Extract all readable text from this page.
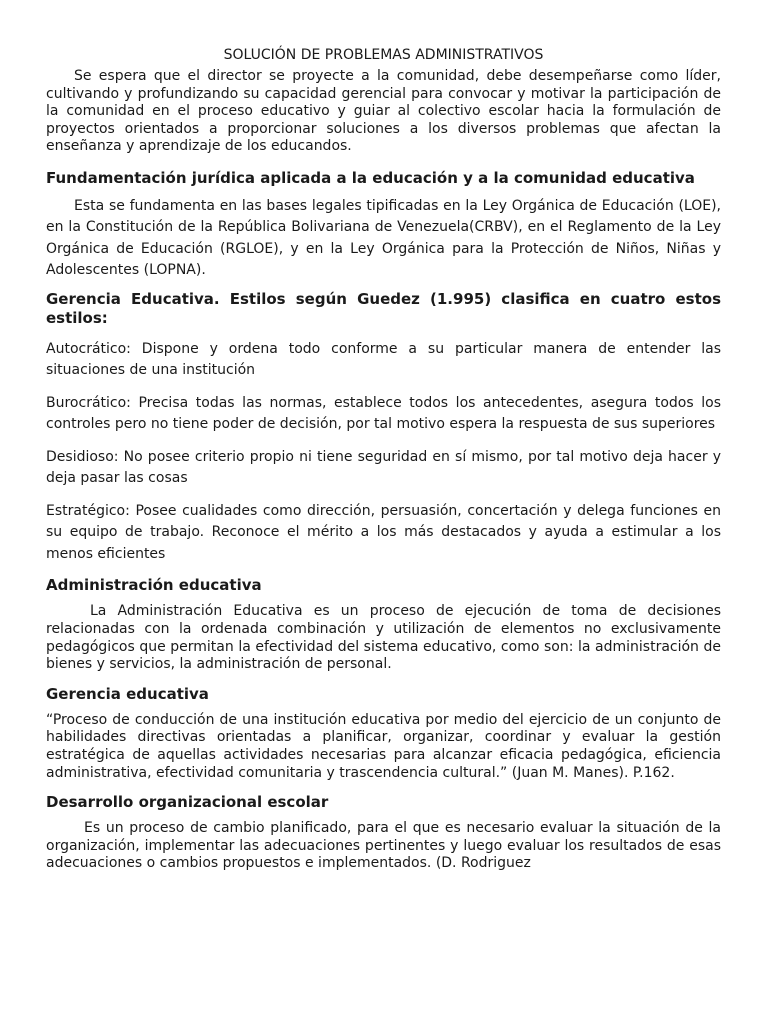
SOLUCIÓN DE PROBLEMAS ADMINISTRATIVOS

Se espera que el director se proyecte a la comunidad, debe desempeñarse como líder, cultivando y profundizando su capacidad gerencial para convocar y motivar la participación de la comunidad en el proceso educativo y guiar al colectivo escolar hacia la formulación de proyectos orientados a proporcionar soluciones a los diversos problemas que afectan la enseñanza y aprendizaje de los educandos.

Fundamentación jurídica aplicada a la educación y a la comunidad educativa

Esta se fundamenta en las bases legales tipificadas en la Ley Orgánica de Educación (LOE), en la Constitución de la República Bolivariana de Venezuela(CRBV), en el Reglamento de la Ley Orgánica de Educación (RGLOE), y en la Ley Orgánica para la Protección de Niños, Niñas y Adolescentes (LOPNA).

Gerencia Educativa. Estilos según Guedez (1.995) clasifica en cuatro estos estilos:

Autocrático: Dispone y ordena todo conforme a su particular manera de entender las situaciones de una institución

Burocrático: Precisa todas las normas, establece todos los antecedentes, asegura todos los controles pero no tiene poder de decisión, por tal motivo espera la respuesta de sus superiores

Desidioso: No posee criterio propio ni tiene seguridad en sí mismo, por tal motivo deja hacer y deja pasar las cosas

Estratégico: Posee cualidades como dirección, persuasión, concertación y delega funciones en su equipo de trabajo. Reconoce el mérito a los más destacados y ayuda a estimular a los menos eficientes

Administración educativa

La Administración Educativa es un proceso de ejecución de toma de decisiones relacionadas con la ordenada combinación y utilización de elementos no exclusivamente pedagógicos que permitan la efectividad del sistema educativo, como son: la administración de bienes y servicios, la administración de personal.

Gerencia educativa

“Proceso de conducción de una institución educativa por medio del ejercicio de un conjunto de habilidades directivas orientadas a planificar, organizar, coordinar y evaluar la gestión estratégica de aquellas actividades necesarias para alcanzar eficacia pedagógica, eficiencia administrativa, efectividad comunitaria y trascendencia cultural.” (Juan M. Manes). P.162.

Desarrollo organizacional escolar

Es un proceso de cambio planificado, para el que es necesario evaluar la situación de la organización, implementar las adecuaciones pertinentes y luego evaluar los resultados de esas adecuaciones o cambios propuestos e implementados. (D. Rodriguez
